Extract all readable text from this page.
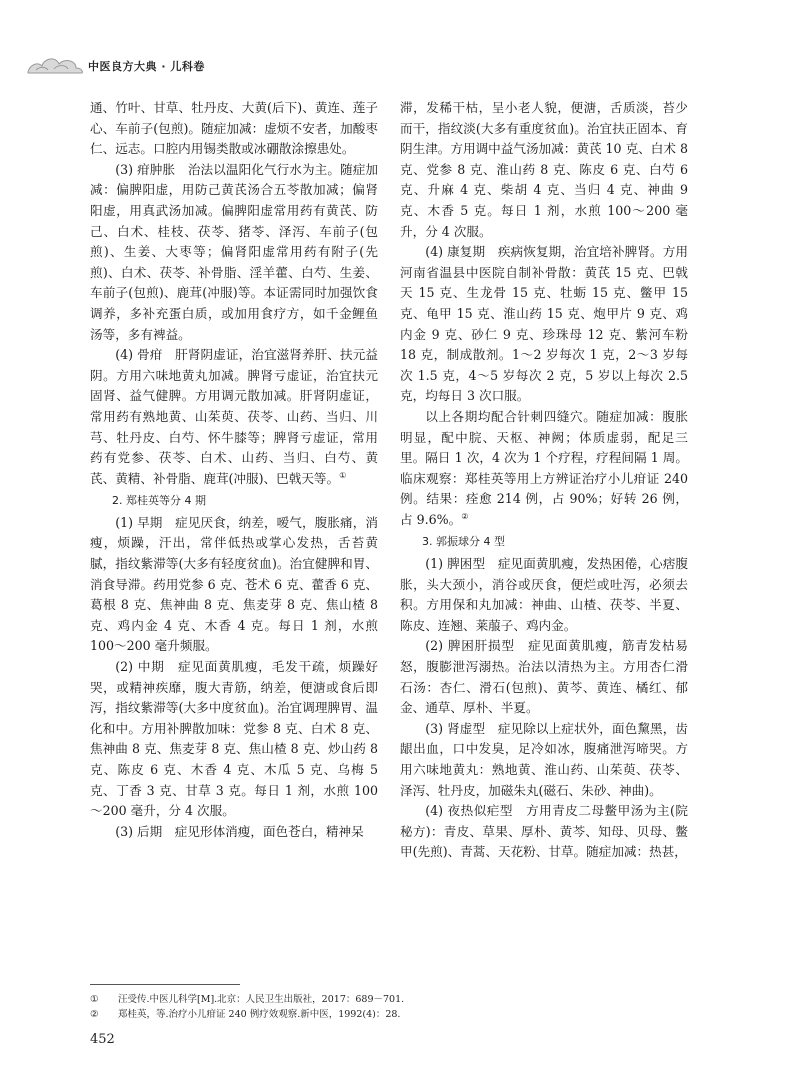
中医良方大典 · 儿科卷

通、竹叶、甘草、牡丹皮、大黄(后下)、黄连、莲子心、车前子(包煎)。随症加减：虚烦不安者，加酸枣仁、远志。口腔内用锡类散或冰硼散涂擦患处。

(3) 疳肿胀　治法以温阳化气行水为主。随症加减：偏脾阳虚，用防己黄芪汤合五苓散加减；偏肾阳虚，用真武汤加减。偏脾阳虚常用药有黄芪、防己、白术、桂枝、茯苓、猪苓、泽泻、车前子(包煎)、生姜、大枣等；偏肾阳虚常用药有附子(先煎)、白术、茯苓、补骨脂、淫羊藿、白芍、生姜、车前子(包煎)、鹿茸(冲服)等。本证需同时加强饮食调养，多补充蛋白质，或加用食疗方，如千金鲤鱼汤等，多有裨益。

(4) 骨疳　肝肾阴虚证，治宜滋肾养肝、扶元益阴。方用六味地黄丸加减。脾肾亏虚证，治宜扶元固肾、益气健脾。方用调元散加减。肝肾阴虚证，常用药有熟地黄、山茱萸、茯苓、山药、当归、川芎、牡丹皮、白芍、怀牛膝等；脾肾亏虚证，常用药有党参、茯苓、白术、山药、当归、白芍、黄芪、黄精、补骨脂、鹿茸(冲服)、巴戟天等。①

2. 郑桂英等分 4 期

(1) 早期　症见厌食，纳差，嗳气，腹胀痛，消瘦，烦躁，汗出，常伴低热或掌心发热，舌苔黄腻，指纹紫滞等(大多有轻度贫血)。治宜健脾和胃、消食导滞。药用党参 6 克、苍术 6 克、藿香 6 克、葛根 8 克、焦神曲 8 克、焦麦芽 8 克、焦山楂 8 克、鸡内金 4 克、木香 4 克。每日 1 剂，水煎 100～200 毫升频服。

(2) 中期　症见面黄肌瘦，毛发干疏，烦躁好哭，或精神疾靡，腹大青筋，纳差，便溏或食后即泻，指纹紫滞等(大多中度贫血)。治宜调理脾胃、温化和中。方用补脾散加味：党参 8 克、白术 8 克、焦神曲 8 克、焦麦芽 8 克、焦山楂 8 克、炒山药 8 克、陈皮 6 克、木香 4 克、木瓜 5 克、乌梅 5 克、丁香 3 克、甘草 3 克。每日 1 剂，水煎 100～200 毫升，分 4 次服。

(3) 后期　症见形体消瘦，面色苍白，精神呆

滞，发稀干枯，呈小老人貌，便溏，舌质淡，苔少而干，指纹淡(大多有重度贫血)。治宜扶正固本、育阴生津。方用调中益气汤加减：黄芪 10 克、白术 8 克、党参 8 克、淮山药 8 克、陈皮 6 克、白芍 6 克、升麻 4 克、柴胡 4 克、当归 4 克、神曲 9 克、木香 5 克。每日 1 剂，水煎 100～200 毫升，分 4 次服。

(4) 康复期　疾病恢复期，治宜培补脾肾。方用河南省温县中医院自制补骨散：黄芪 15 克、巴戟天 15 克、生龙骨 15 克、牡蛎 15 克、鳖甲 15 克、龟甲 15 克、淮山药 15 克、炮甲片 9 克、鸡内金 9 克、砂仁 9 克、珍珠母 12 克、紫河车粉 18 克，制成散剂。1～2 岁每次 1 克，2～3 岁每次 1.5 克，4～5 岁每次 2 克，5 岁以上每次 2.5 克，均每日 3 次口服。

以上各期均配合针刺四缝穴。随症加减：腹胀明显，配中脘、天枢、神阙；体质虚弱，配足三里。隔日 1 次，4 次为 1 个疗程，疗程间隔 1 周。临床观察：郑桂英等用上方辨证治疗小儿疳证 240 例。结果：痊愈 214 例，占 90%；好转 26 例，占 9.6%。②

3. 郭振球分 4 型

(1) 脾困型　症见面黄肌瘦，发热困倦，心痞腹胀，头大颈小，消谷或厌食，便烂或吐泻，必须去积。方用保和丸加减：神曲、山楂、茯苓、半夏、陈皮、连翘、莱菔子、鸡内金。

(2) 脾困肝损型　症见面黄肌瘦，筋青发枯易怒，腹膨泄泻溺热。治法以清热为主。方用杏仁滑石汤：杏仁、滑石(包煎)、黄芩、黄连、橘红、郁金、通草、厚朴、半夏。

(3) 肾虚型　症见除以上症状外，面色黧黑，齿龈出血，口中发臭，足冷如冰，腹痛泄泻啼哭。方用六味地黄丸：熟地黄、淮山药、山茱萸、茯苓、泽泻、牡丹皮，加磁朱丸(磁石、朱砂、神曲)。

(4) 夜热似疟型　方用青皮二母鳖甲汤为主(院秘方)：青皮、草果、厚朴、黄芩、知母、贝母、鳖甲(先煎)、青蒿、天花粉、甘草。随症加减：热甚，

①	汪受传.中医儿科学[M].北京：人民卫生出版社，2017：689－701.
②	郑桂英，等.治疗小儿疳证 240 例疗效观察.新中医，1992(4)：28.
452
